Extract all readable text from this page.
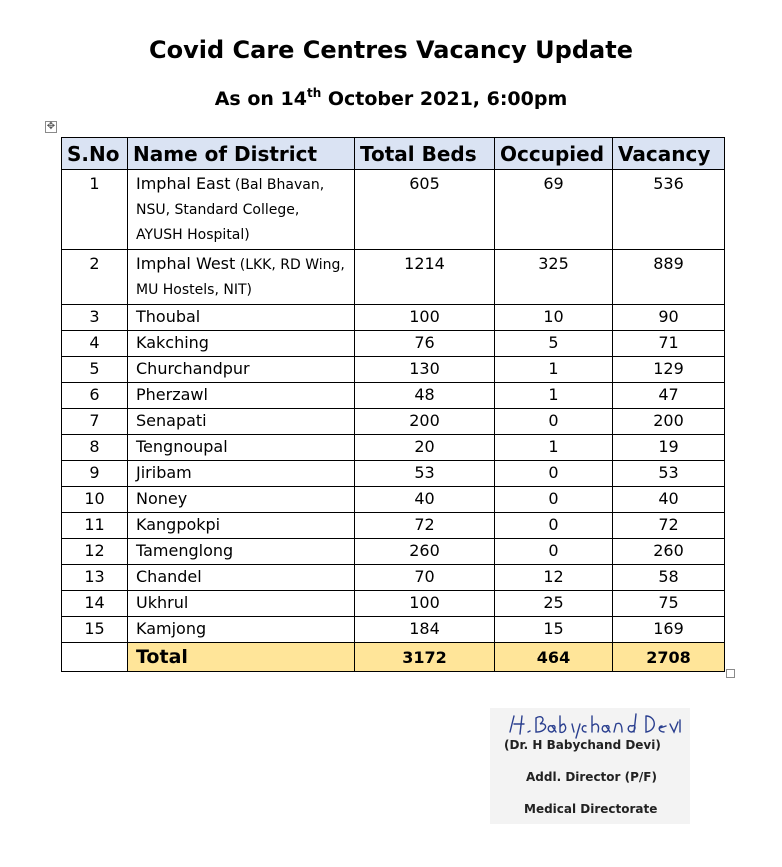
Covid Care Centres Vacancy Update
As on 14th October 2021, 6:00pm
✥
S.No	Name of District	Total Beds	Occupied	Vacancy
1	Imphal East (Bal Bhavan, NSU, Standard College, AYUSH Hospital)	605	69	536
2	Imphal West (LKK, RD Wing, MU Hostels, NIT)	1214	325	889
3	Thoubal	100	10	90
4	Kakching	76	5	71
5	Churchandpur	130	1	129
6	Pherzawl	48	1	47
7	Senapati	200	0	200
8	Tengnoupal	20	1	19
9	Jiribam	53	0	53
10	Noney	40	0	40
11	Kangpokpi	72	0	72
12	Tamenglong	260	0	260
13	Chandel	70	12	58
14	Ukhrul	100	25	75
15	Kamjong	184	15	169
	Total	3172	464	2708
(Dr. H Babychand Devi)
Addl. Director (P/F)
Medical Directorate
